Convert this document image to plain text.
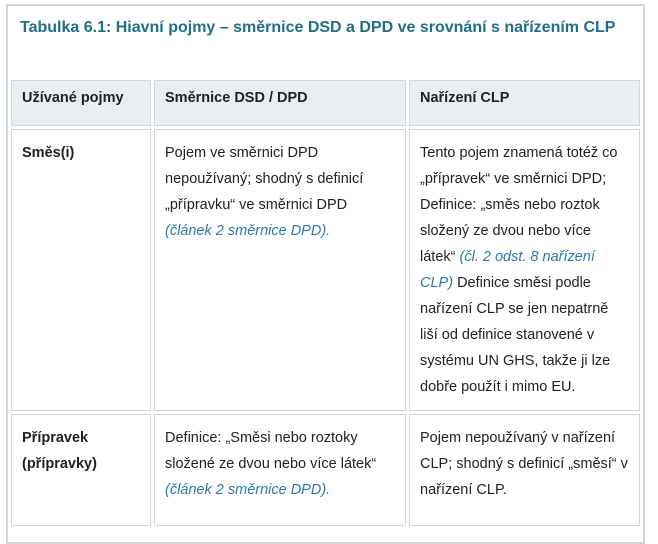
Tabulka 6.1: Hiavní pojmy – směrnice DSD a DPD ve srovnání s nařízením CLP
Užívané pojmy	Směrnice DSD / DPD	Nařízení CLP
Směs(i)	Pojem ve směrnici DPD nepoužívaný; shodný s definicí „přípravku“ ve směrnici DPD (článek 2 směrnice DPD).	Tento pojem znamená totéž co „přípravek“ ve směrnici DPD; Definice: „směs nebo roztok složený ze dvou nebo více látek“ (čl. 2 odst. 8 nařízení CLP) Definice směsi podle nařízení CLP se jen nepatrně liší od definice stanovené v systému UN GHS, takže ji lze dobře použít i mimo EU.
Přípravek (přípravky)	Definice: „Směsi nebo roztoky složené ze dvou nebo více látek“ (článek 2 směrnice DPD).	Pojem nepoužívaný v nařízení CLP; shodný s definicí „směsí“ v nařízení CLP.
